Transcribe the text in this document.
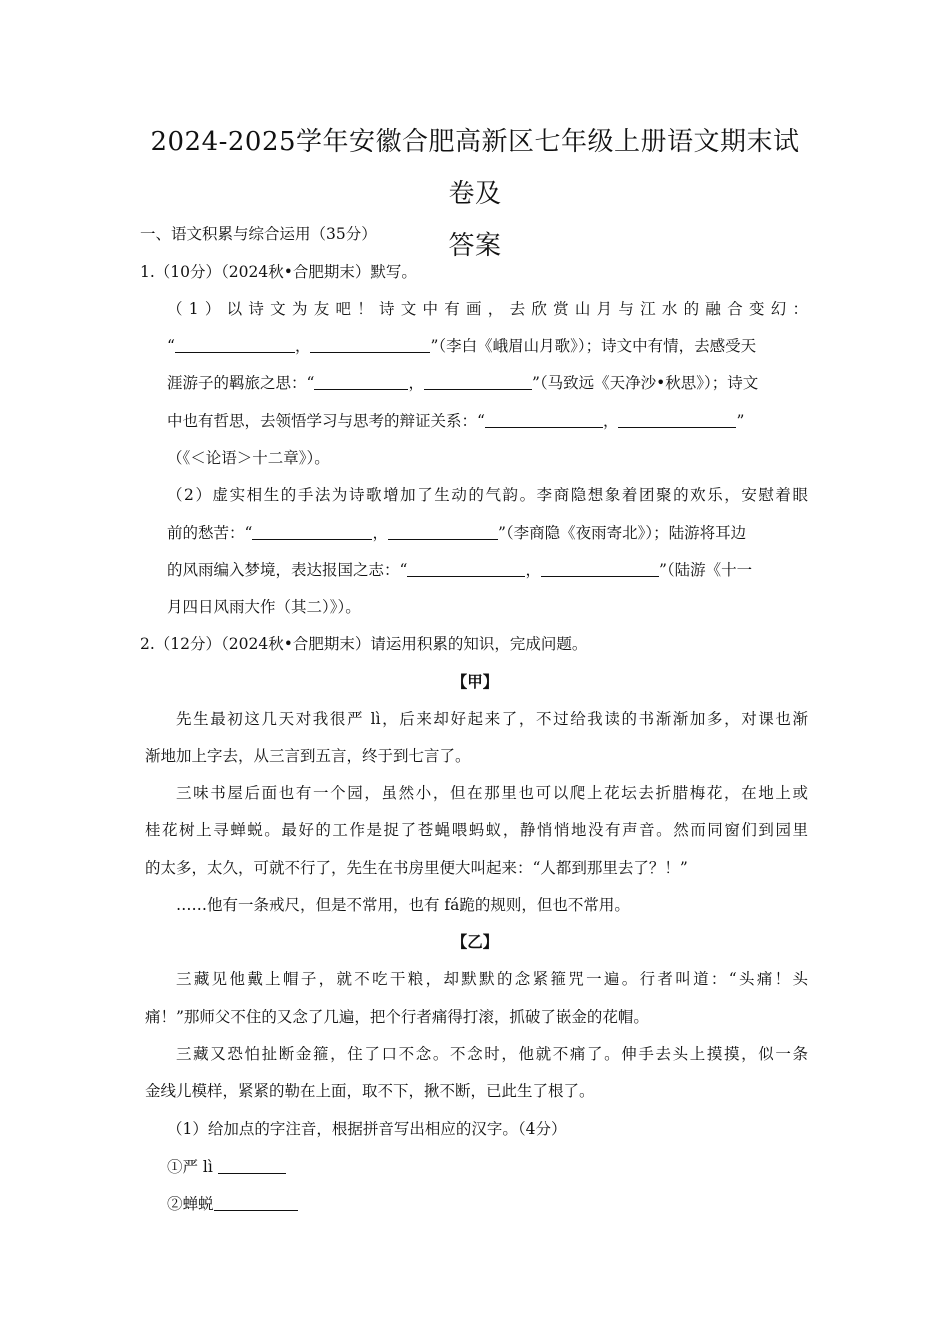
2024-2025学年安徽合肥高新区七年级上册语文期末试卷及
答案
一、语文积累与综合运用（35分）
1.（10分）（2024秋•合肥期末）默写。
（1）以诗文为友吧！诗文中有画，去欣赏山月与江水的融合变幻：
“	，	”（李白《峨眉山月歌》）；诗文中有情，去感受天
涯游子的羁旅之思：“	，	”（马致远《天净沙•秋思》）；诗文
中也有哲思，去领悟学习与思考的辩证关系：“	，	”
（《＜论语＞十二章》）。
（2）虚实相生的手法为诗歌增加了生动的气韵。李商隐想象着团聚的欢乐，安慰着眼
前的愁苦：“	，	”（李商隐《夜雨寄北》）；陆游将耳边
的风雨编入梦境，表达报国之志：“	，	”（陆游《十一
月四日风雨大作（其二）》）。
2.（12分）（2024秋•合肥期末）请运用积累的知识，完成问题。
【甲】
先生最初这几天对我很严 lì，后来却好起来了，不过给我读的书渐渐加多，对课也渐
渐地加上字去，从三言到五言，终于到七言了。
三味书屋后面也有一个园，虽然小，但在那里也可以爬上花坛去折腊梅花，在地上或
桂花树上寻蝉蜕。最好的工作是捉了苍蝇喂蚂蚁，静悄悄地没有声音。然而同窗们到园里
的太多，太久，可就不行了，先生在书房里便大叫起来：“人都到那里去了？！”
……他有一条戒尺，但是不常用，也有 fá跪的规则，但也不常用。
【乙】
三藏见他戴上帽子，就不吃干粮，却默默的念紧箍咒一遍。行者叫道：“头痛！头
痛！”那师父不住的又念了几遍，把个行者痛得打滚，抓破了嵌金的花帽。
三藏又恐怕扯断金箍，住了口不念。不念时，他就不痛了。伸手去头上摸摸，似一条
金线儿模样，紧紧的勒在上面，取不下，揪不断，已此生了根了。
（1）给加点的字注音，根据拼音写出相应的汉字。（4分）
①严 lì
②蝉蜕
